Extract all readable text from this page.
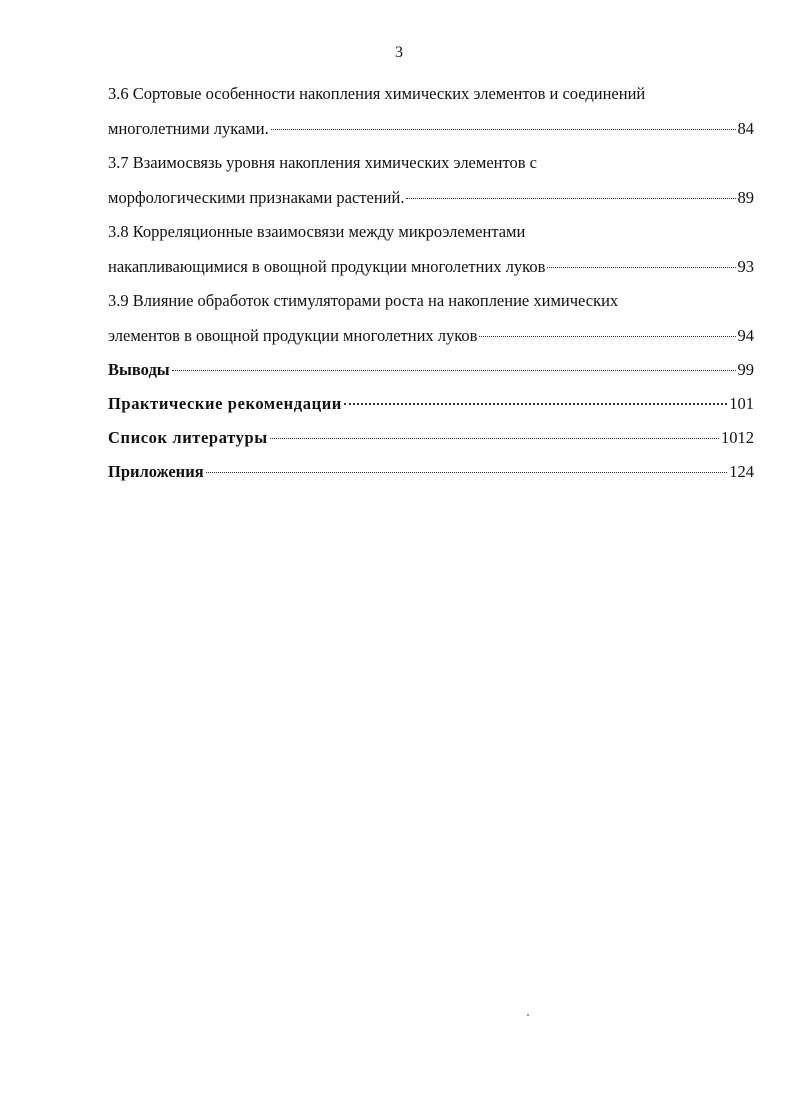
3
3.6 Сортовые особенности накопления химических элементов и соединений
многолетними луками.	84
3.7 Взаимосвязь уровня накопления химических элементов с
морфологическими признаками растений.	89
3.8 Корреляционные взаимосвязи между микроэлементами
накапливающимися в овощной продукции многолетних луков	93
3.9 Влияние обработок стимуляторами роста на накопление химических
элементов в овощной продукции многолетних луков	94
Выводы	99
Практические рекомендации	101
Список литературы	1012
Приложения	124
